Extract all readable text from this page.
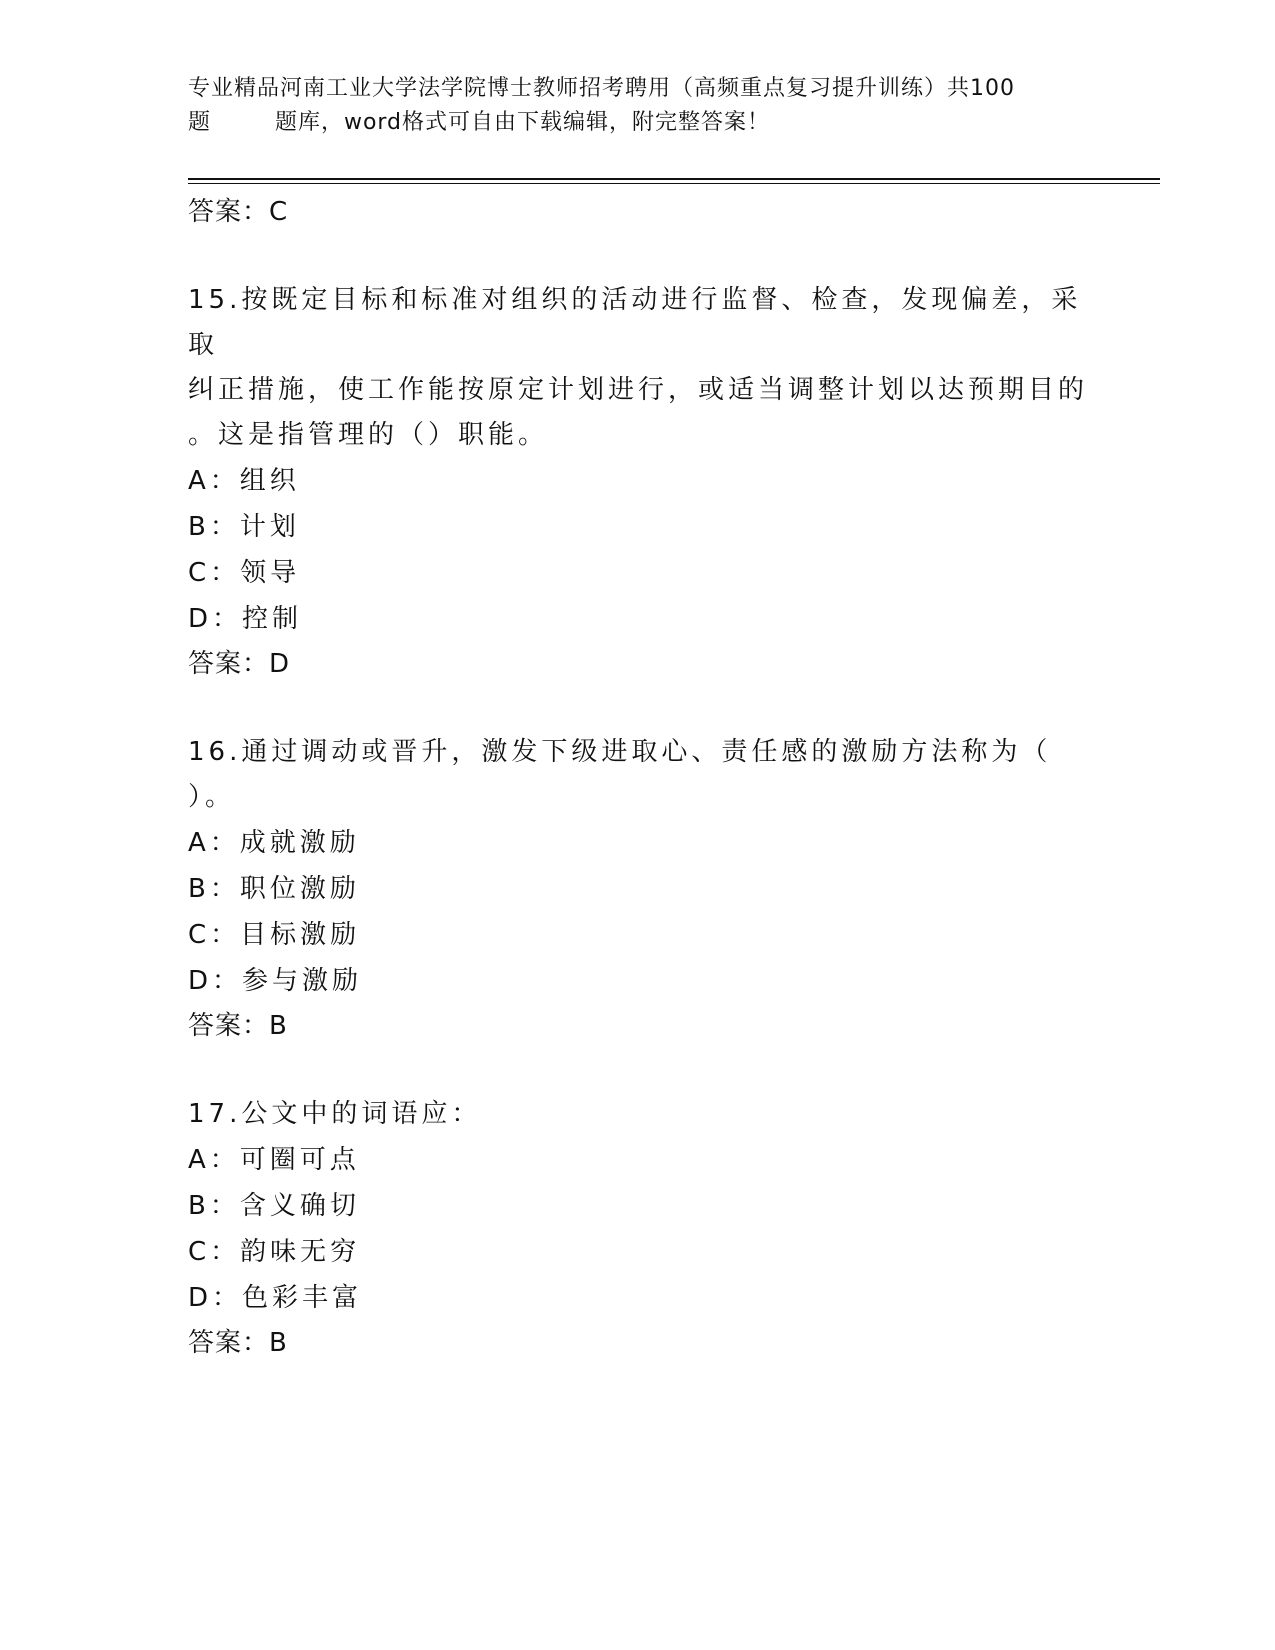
专业精品河南工业大学法学院博士教师招考聘用（高频重点复习提升训练）共100
题        题库，word格式可自由下载编辑，附完整答案！
答案：C
15.按既定目标和标准对组织的活动进行监督、检查，发现偏差，采取
纠正措施，使工作能按原定计划进行，或适当调整计划以达预期目的
。这是指管理的（）职能。
A：组织
B：计划
C：领导
D：控制
答案：D
16.通过调动或晋升，激发下级进取心、责任感的激励方法称为（
）。
A：成就激励
B：职位激励
C：目标激励
D：参与激励
答案：B
17.公文中的词语应：
A：可圈可点
B：含义确切
C：韵味无穷
D：色彩丰富
答案：B
